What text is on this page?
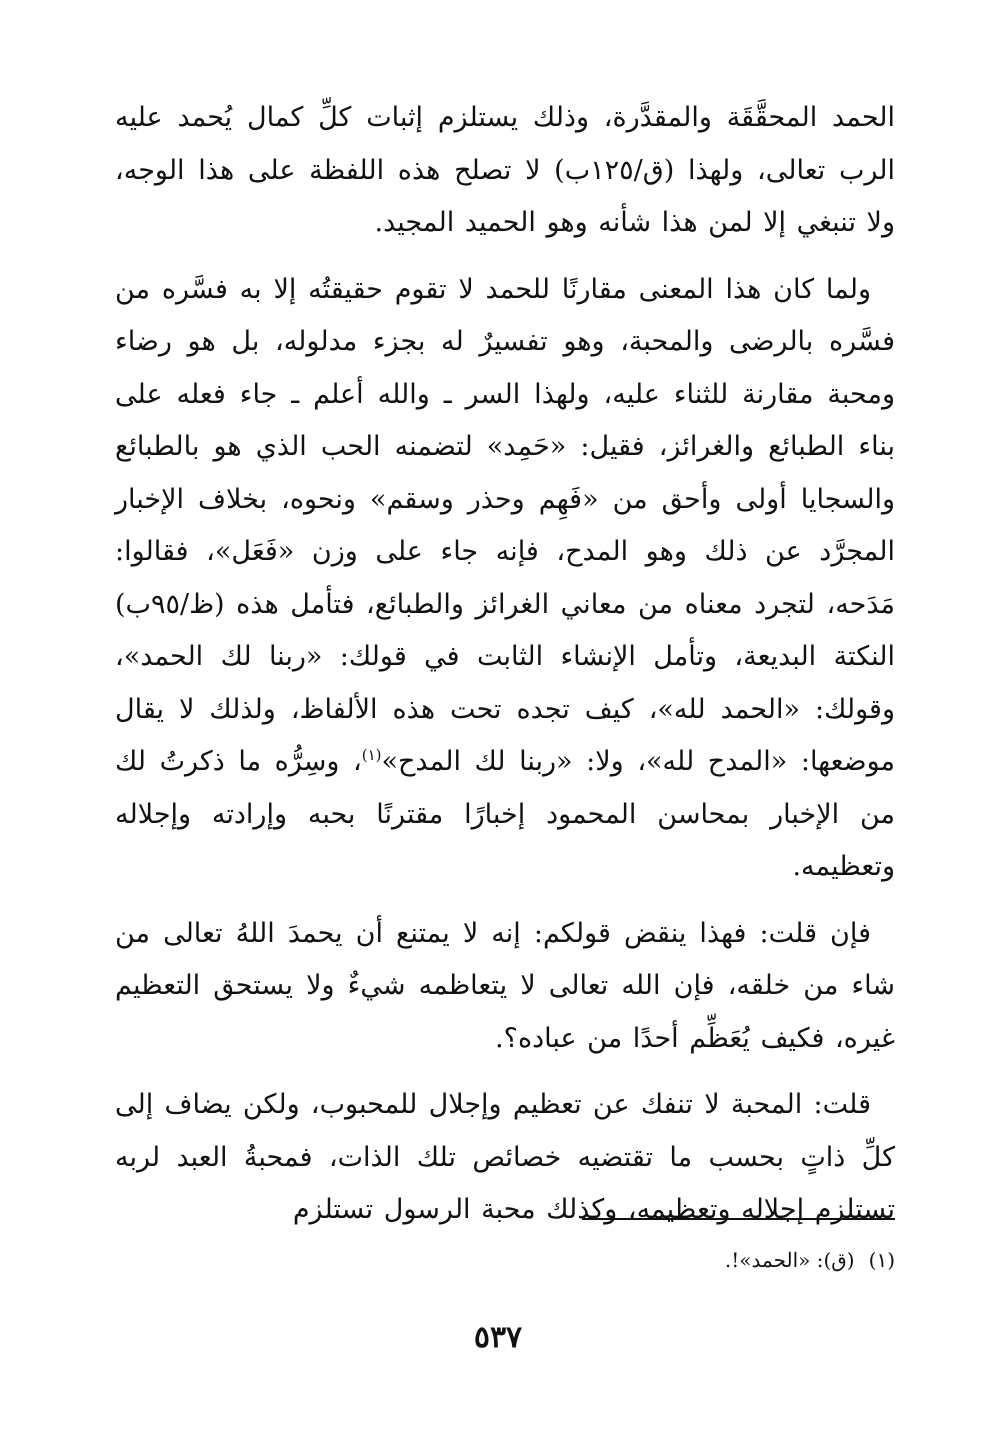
الحمد المحقَّقَة والمقدَّرة، وذلك يستلزم إثبات كلِّ كمال يُحمد عليه الرب تعالى، ولهذا (ق/١٢٥ب) لا تصلح هذه اللفظة على هذا الوجه، ولا تنبغي إلا لمن هذا شأنه وهو الحميد المجيد.

ولما كان هذا المعنى مقارنًا للحمد لا تقوم حقيقتُه إلا به فسَّره من فسَّره بالرضى والمحبة، وهو تفسيرٌ له بجزء مدلوله، بل هو رضاء ومحبة مقارنة للثناء عليه، ولهذا السر ـ والله أعلم ـ جاء فعله على بناء الطبائع والغرائز، فقيل: «حَمِد» لتضمنه الحب الذي هو بالطبائع والسجايا أولى وأحق من «فَهِم وحذر وسقم» ونحوه، بخلاف الإخبار المجرَّد عن ذلك وهو المدح، فإنه جاء على وزن «فَعَل»، فقالوا: مَدَحه، لتجرد معناه من معاني الغرائز والطبائع، فتأمل هذه (ظ/٩٥ب) النكتة البديعة، وتأمل الإنشاء الثابت في قولك: «ربنا لك الحمد»، وقولك: «الحمد لله»، كيف تجده تحت هذه الألفاظ، ولذلك لا يقال موضعها: «المدح لله»، ولا: «ربنا لك المدح»$^{(١)}$، وسِرُّه ما ذكرتُ لك من الإخبار بمحاسن المحمود إخبارًا مقترنًا بحبه وإرادته وإجلاله وتعظيمه.

فإن قلت: فهذا ينقض قولكم: إنه لا يمتنع أن يحمدَ اللهُ تعالى من شاء من خلقه، فإن الله تعالى لا يتعاظمه شيءٌ ولا يستحق التعظيم غيره، فكيف يُعَظِّم أحدًا من عباده؟.

قلت: المحبة لا تنفك عن تعظيم وإجلال للمحبوب، ولكن يضاف إلى كلِّ ذاتٍ بحسب ما تقتضيه خصائص تلك الذات، فمحبةُ العبد لربه تستلزم إجلاله وتعظيمه، وكذلك محبة الرسول تستلزم

(١)(ق): «الحمد»!.
٥٣٧
